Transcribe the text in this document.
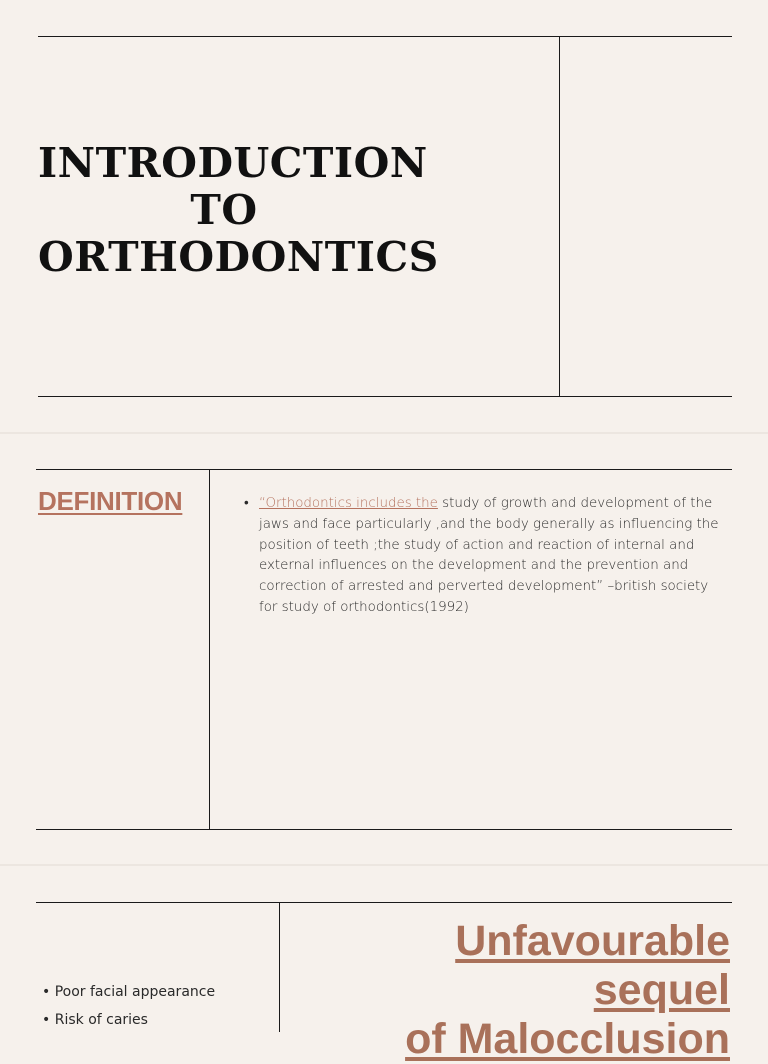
INTRODUCTION
TO
ORTHODONTICS
DEFINITION	• “Orthodontics includes the study of growth and development of the jaws and face particularly ,and the body generally as influencing the position of teeth ;the study of action and reaction of internal and external influences on the development and the prevention and correction of arrested and perverted development” –british society for study of orthodontics(1992)
Unfavourable
sequel
of Malocclusion
• Poor facial appearance
• Risk of caries
